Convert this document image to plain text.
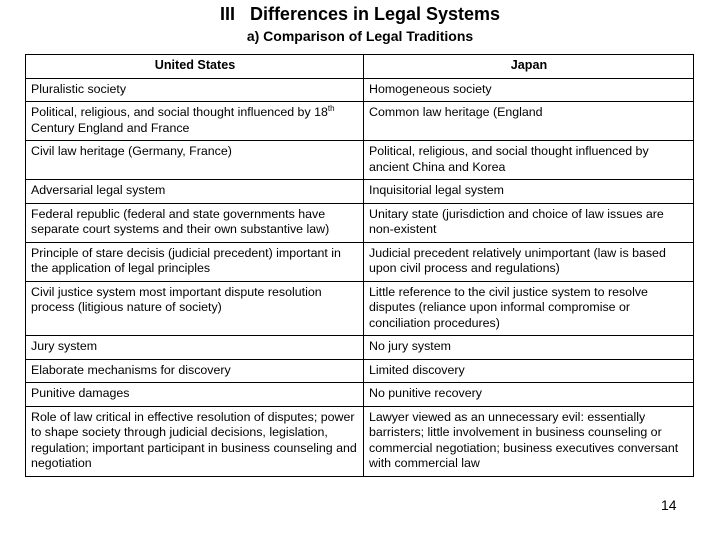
III   Differences in Legal Systems
a) Comparison of Legal Traditions
United States	Japan
Pluralistic society	Homogeneous society
Political, religious, and social thought influenced by 18th Century England and France	Common law heritage (England
Civil law heritage (Germany, France)	Political, religious, and social thought influenced by ancient China and Korea
Adversarial legal system	Inquisitorial legal system
Federal republic (federal and state governments have separate court systems and their own substantive law)	Unitary state (jurisdiction and choice of law issues are non-existent
Principle of stare decisis (judicial precedent) important in the application of legal principles	Judicial precedent relatively unimportant (law is based upon civil process and regulations)
Civil justice system most important dispute resolution process (litigious nature of society)	Little reference to the civil justice system to resolve disputes (reliance upon informal compromise or conciliation procedures)
Jury system	No jury system
Elaborate mechanisms for discovery	Limited discovery
Punitive damages	No punitive recovery
Role of law critical in effective resolution of disputes; power to shape society through judicial decisions, legislation, regulation; important participant in business counseling and negotiation	Lawyer viewed as an unnecessary evil: essentially barristers; little involvement in business counseling or commercial negotiation; business executives conversant with commercial law
14
